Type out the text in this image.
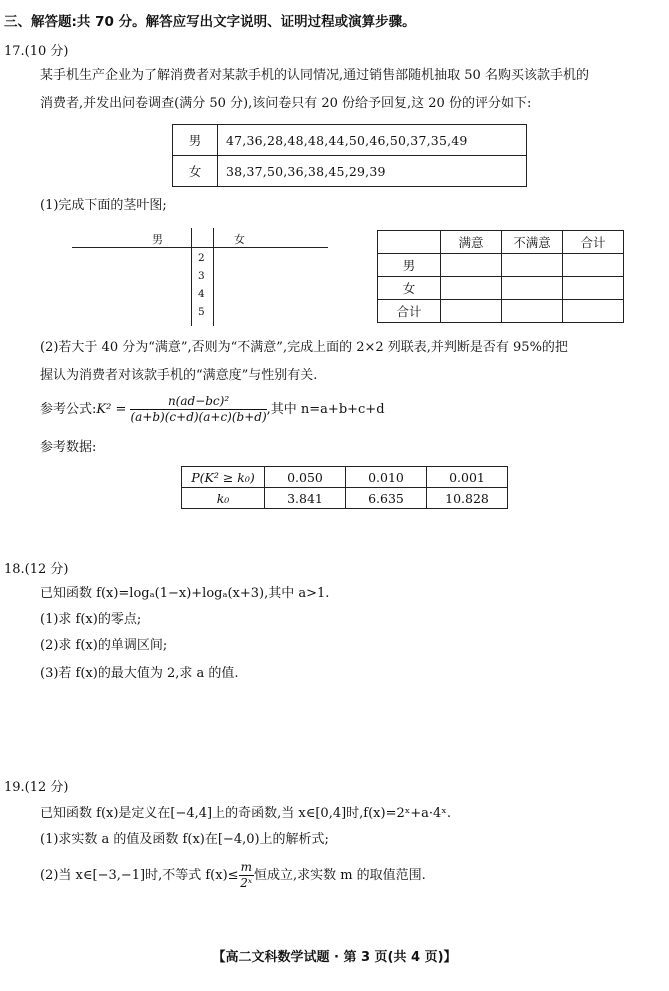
三、解答题:共 70 分。解答应写出文字说明、证明过程或演算步骤。
17.(10 分)
某手机生产企业为了解消费者对某款手机的认同情况,通过销售部随机抽取 50 名购买该款手机的
消费者,并发出问卷调查(满分 50 分),该问卷只有 20 份给予回复,这 20 份的评分如下:
男	47,36,28,48,48,44,50,46,50,37,35,49
女	38,37,50,36,38,45,29,39
(1)完成下面的茎叶图;
男	女
2
3
4
5
	满意	不满意	合计
男			
女			
合计			
(2)若大于 40 分为“满意”,否则为“不满意”,完成上面的 2×2 列联表,并判断是否有 95%的把
握认为消费者对该款手机的“满意度”与性别有关.
参考公式:K² = $\frac{\text{n(ad−bc)²}}{(a+b)(c+d)(a+c)(b+d)}$ ,其中 n=a+b+c+d
参考数据:
P(K² ≥ k₀)	0.050	0.010	0.001
k₀	3.841	6.635	10.828
18.(12 分)
已知函数 f(x)=logₐ(1−x)+logₐ(x+3),其中 a>1.
(1)求 f(x)的零点;
(2)求 f(x)的单调区间;
(3)若 f(x)的最大值为 2,求 a 的值.
19.(12 分)
已知函数 f(x)是定义在[−4,4]上的奇函数,当 x∈[0,4]时,f(x)=2ˣ+a·4ˣ.
(1)求实数 a 的值及函数 f(x)在[−4,0)上的解析式;
(2)当 x∈[−3,−1]时,不等式 $f(x)\le \frac{m}{\text{2ˣ}}$ 恒成立,求实数 m 的取值范围.
【高二文科数学试题 · 第 3 页(共 4 页)】
